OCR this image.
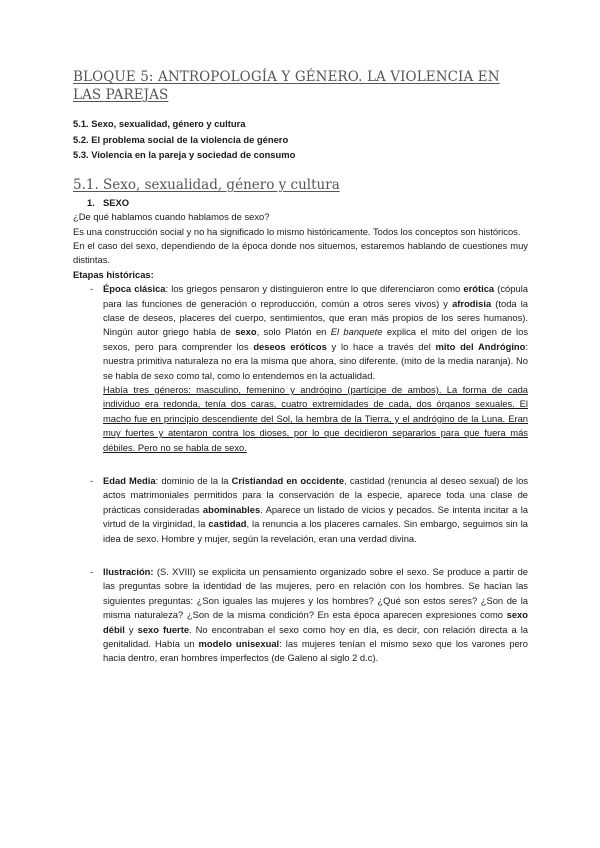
BLOQUE 5: ANTROPOLOGÍA Y GÉNERO. LA VIOLENCIA EN LAS PAREJAS
5.1. Sexo, sexualidad, género y cultura
5.2. El problema social de la violencia de género
5.3. Violencia en la pareja y sociedad de consumo
5.1. Sexo, sexualidad, género y cultura
1. SEXO

¿De qué hablamos cuando hablamos de sexo?

Es una construcción social y no ha significado lo mismo históricamente. Todos los conceptos son históricos.

En el caso del sexo, dependiendo de la época donde nos situemos, estaremos hablando de cuestiones muy distintas.

Etapas históricas:
- Época clásica: los griegos pensaron y distinguieron entre lo que diferenciaron como erótica (cópula para las funciones de generación o reproducción, común a otros seres vivos) y afrodisia (toda la clase de deseos, placeres del cuerpo, sentimientos, que eran más propios de los seres humanos). Ningún autor griego habla de sexo, solo Platón en El banquete explica el mito del origen de los sexos, pero para comprender los deseos eróticos y lo hace a través del mito del Andrógino: nuestra primitiva naturaleza no era la misma que ahora, sino diferente. (mito de la media naranja). No se habla de sexo como tal, como lo entendemos en la actualidad.

Había tres géneros: masculino, femenino y andrógino (partícipe de ambos). La forma de cada individuo era redonda, tenía dos caras, cuatro extremidades de cada, dos órganos sexuales. El macho fue en principio descendiente del Sol, la hembra de la Tierra, y el andrógino de la Luna. Eran muy fuertes y atentaron contra los dioses, por lo que decidieron separarlos para que fuera más débiles. Pero no se habla de sexo.

- Edad Media: dominio de la la Cristiandad en occidente, castidad (renuncia al deseo sexual) de los actos matrimoniales permitidos para la conservación de la especie, aparece toda una clase de prácticas consideradas abominables. Aparece un listado de vicios y pecados. Se intenta incitar a la virtud de la virginidad, la castidad, la renuncia a los placeres carnales. Sin embargo, seguimos sin la idea de sexo. Hombre y mujer, según la revelación, eran una verdad divina.

- Ilustración: (S. XVIII) se explicita un pensamiento organizado sobre el sexo. Se produce a partir de las preguntas sobre la identidad de las mujeres, pero en relación con los hombres. Se hacían las siguientes preguntas: ¿Son iguales las mujeres y los hombres? ¿Qué son estos seres? ¿Son de la misma naturaleza? ¿Son de la misma condición? En esta época aparecen expresiones como sexo débil y sexo fuerte. No encontraban el sexo como hoy en día, es decir, con relación directa a la genitalidad. Había un modelo unisexual: las mujeres tenían el mismo sexo que los varones pero hacia dentro, eran hombres imperfectos (de Galeno al siglo 2 d.c).
